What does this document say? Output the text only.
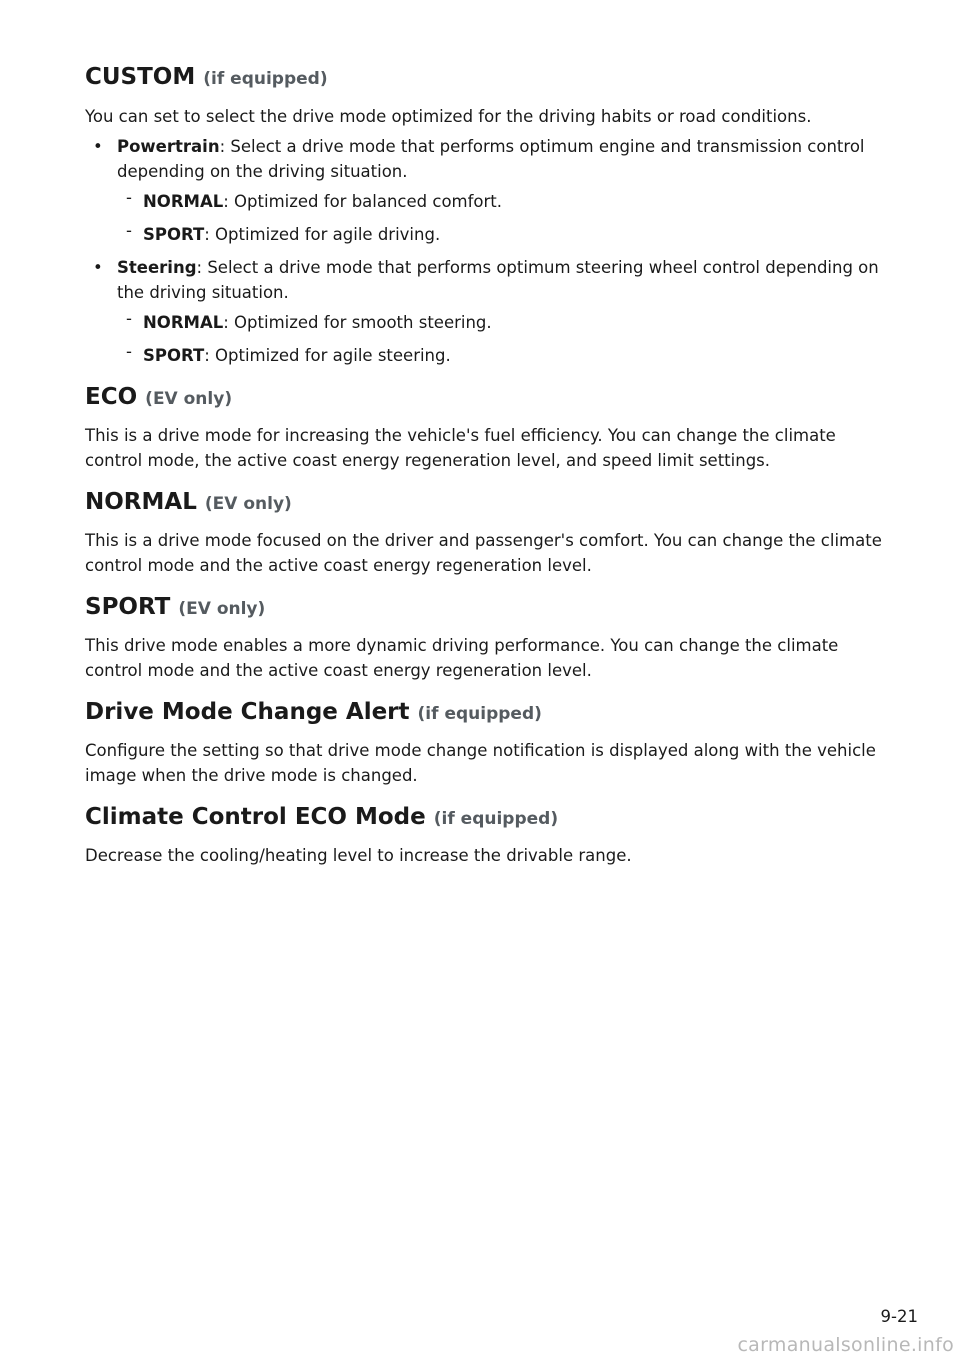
CUSTOM (if equipped)

You can set to select the drive mode optimized for the driving habits or road conditions.

• Powertrain: Select a drive mode that performs optimum engine and transmission control depending on the driving situation.
- NORMAL: Optimized for balanced comfort.
- SPORT: Optimized for agile driving.
• Steering: Select a drive mode that performs optimum steering wheel control depending on the driving situation.
- NORMAL: Optimized for smooth steering.
- SPORT: Optimized for agile steering.
ECO (EV only)

This is a drive mode for increasing the vehicle's fuel efficiency. You can change the climate control mode, the active coast energy regeneration level, and speed limit settings.

NORMAL (EV only)

This is a drive mode focused on the driver and passenger's comfort. You can change the climate control mode and the active coast energy regeneration level.

SPORT (EV only)

This drive mode enables a more dynamic driving performance. You can change the climate control mode and the active coast energy regeneration level.

Drive Mode Change Alert (if equipped)

Configure the setting so that drive mode change notification is displayed along with the vehicle image when the drive mode is changed.

Climate Control ECO Mode (if equipped)

Decrease the cooling/heating level to increase the drivable range.

9-21
carmanualsonline.info
